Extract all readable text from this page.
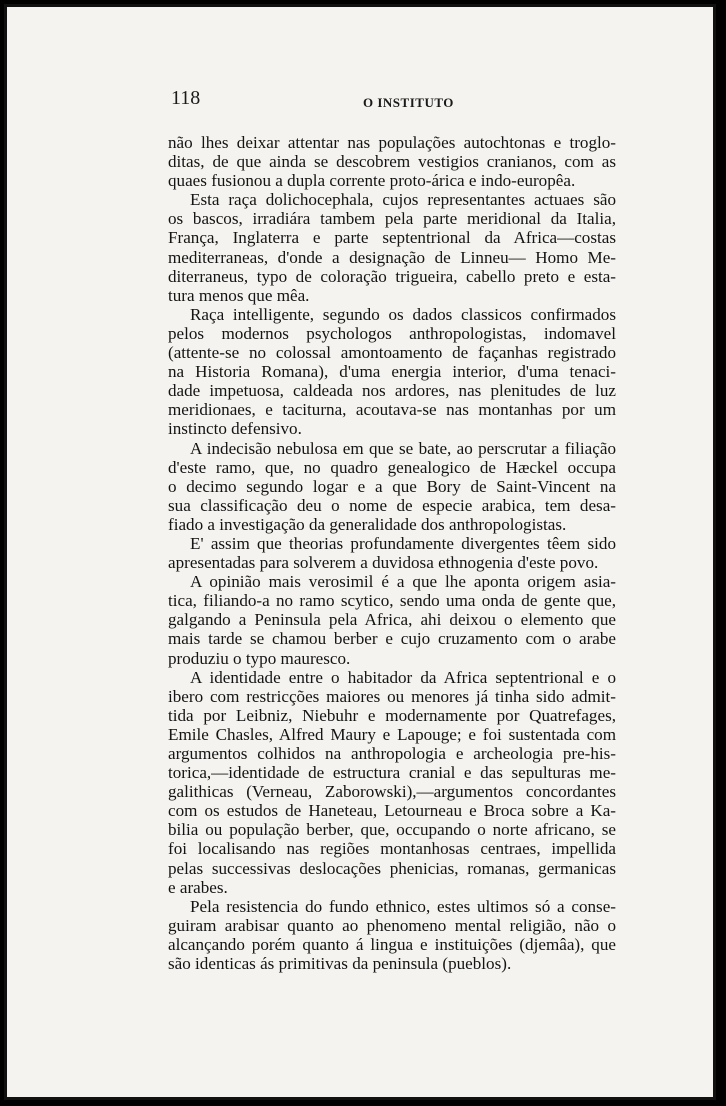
118	O INSTITUTO
não lhes deixar attentar nas populações autochtonas e troglo-
ditas, de que ainda se descobrem vestigios cranianos, com as
quaes fusionou a dupla corrente proto-árica e indo-europêa.
Esta raça dolichocephala, cujos representantes actuaes são
os bascos, irradiára tambem pela parte meridional da Italia,
França, Inglaterra e parte septentrional da Africa—costas
mediterraneas, d'onde a designação de Linneu— Homo Me-
diterraneus, typo de coloração trigueira, cabello preto e esta-
tura menos que mêa.
Raça intelligente, segundo os dados classicos confirmados
pelos modernos psychologos anthropologistas, indomavel
(attente-se no colossal amontoamento de façanhas registrado
na Historia Romana), d'uma energia interior, d'uma tenaci-
dade impetuosa, caldeada nos ardores, nas plenitudes de luz
meridionaes, e taciturna, acoutava-se nas montanhas por um
instincto defensivo.
A indecisão nebulosa em que se bate, ao perscrutar a filiação
d'este ramo, que, no quadro genealogico de Hæckel occupa
o decimo segundo logar e a que Bory de Saint-Vincent na
sua classificação deu o nome de especie arabica, tem desa-
fiado a investigação da generalidade dos anthropologistas.
E' assim que theorias profundamente divergentes têem sido
apresentadas para solverem a duvidosa ethnogenia d'este povo.
A opinião mais verosimil é a que lhe aponta origem asia-
tica, filiando-a no ramo scytico, sendo uma onda de gente que,
galgando a Peninsula pela Africa, ahi deixou o elemento que
mais tarde se chamou berber e cujo cruzamento com o arabe
produziu o typo mauresco.
A identidade entre o habitador da Africa septentrional e o
ibero com restricções maiores ou menores já tinha sido admit-
tida por Leibniz, Niebuhr e modernamente por Quatrefages,
Emile Chasles, Alfred Maury e Lapouge; e foi sustentada com
argumentos colhidos na anthropologia e archeologia pre-his-
torica,—identidade de estructura cranial e das sepulturas me-
galithicas (Verneau, Zaborowski),—argumentos concordantes
com os estudos de Haneteau, Letourneau e Broca sobre a Ka-
bilia ou população berber, que, occupando o norte africano, se
foi localisando nas regiões montanhosas centraes, impellida
pelas successivas deslocações phenicias, romanas, germanicas
e arabes.
Pela resistencia do fundo ethnico, estes ultimos só a conse-
guiram arabisar quanto ao phenomeno mental religião, não o
alcançando porém quanto á lingua e instituições (djemâa), que
são identicas ás primitivas da peninsula (pueblos).
